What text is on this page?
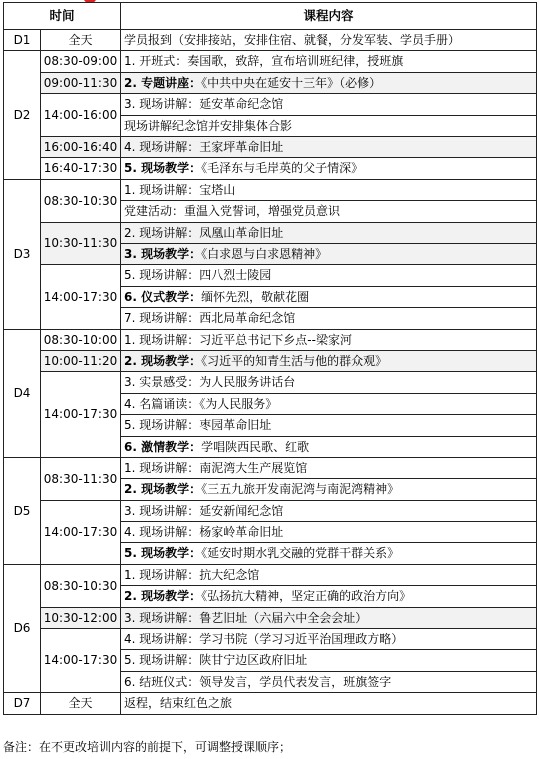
时间		课程内容
D1	全天	学员报到（安排接站，安排住宿、就餐，分发军装、学员手册）

D2	08:30-09:00	1. 开班式：奏国歌，致辞，宣布培训班纪律，授班旗

	09:00-11:30	2. 专题讲座：《中共中央在延安十三年》（必修）

	14:00-16:00	3. 现场讲解：延安革命纪念馆

		现场讲解纪念馆并安排集体合影

	16:00-16:40	4. 现场讲解：王家坪革命旧址

	16:40-17:30	5. 现场教学：《毛泽东与毛岸英的父子情深》

D3	08:30-10:30	1. 现场讲解：宝塔山

		党建活动：重温入党誓词，增强党员意识

	10:30-11:30	2. 现场讲解：凤凰山革命旧址

		3. 现场教学：《白求恩与白求恩精神》

	14:00-17:30	5. 现场讲解：四八烈士陵园

		6. 仪式教学：缅怀先烈，敬献花圈

		7. 现场讲解：西北局革命纪念馆

D4	08:30-10:00	1. 现场讲解：习近平总书记下乡点--梁家河

	10:00-11:20	2. 现场教学：《习近平的知青生活与他的群众观》

	14:00-17:30	3. 实景感受：为人民服务讲话台

		4. 名篇诵读：《为人民服务》

		5. 现场讲解：枣园革命旧址

		6. 激情教学：学唱陕西民歌、红歌

D5	08:30-11:30	1. 现场讲解：南泥湾大生产展览馆

		2. 现场教学：《三五九旅开发南泥湾与南泥湾精神》

	14:00-17:30	3. 现场讲解：延安新闻纪念馆

		4. 现场讲解：杨家岭革命旧址

		5. 现场教学：《延安时期水乳交融的党群干群关系》

D6	08:30-10:30	1. 现场讲解：抗大纪念馆

		2. 现场教学：《弘扬抗大精神，坚定正确的政治方向》

	10:30-12:00	3. 现场讲解：鲁艺旧址（六届六中全会会址）

	14:00-17:30	4. 现场讲解：学习书院（学习习近平治国理政方略）

		5. 现场讲解：陕甘宁边区政府旧址

		6. 结班仪式：领导发言，学员代表发言，班旗签字

D7	全天	返程，结束红色之旅
备注：在不更改培训内容的前提下，可调整授课顺序；
